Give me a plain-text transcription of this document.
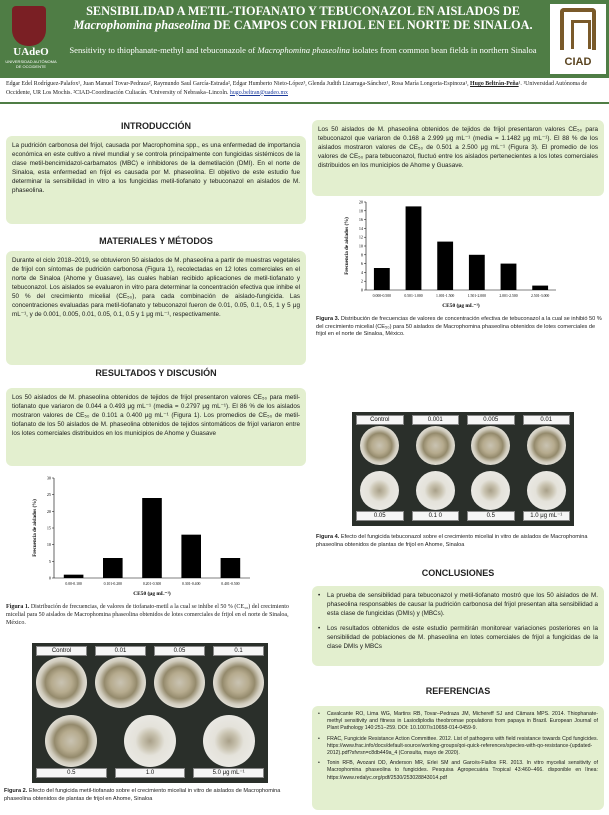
UAdeO
UNIVERSIDAD AUTÓNOMA DE OCCIDENTE
SENSIBILIDAD A METIL-TIOFANATO Y TEBUCONAZOL EN AISLADOS DE
Macrophomina phaseolina DE CAMPOS CON FRIJOL EN EL NORTE DE SINALOA.
Sensitivity to thiophanate-methyl and tebuconazole of Macrophomina phaseolina isolates from common bean fields in northern Sinaloa
CIAD
Edgar Edel Rodríguez-Palafox¹, Juan Manuel Tovar-Pedraza², Raymundo Saul García-Estrada², Edgar Humberto Nieto-López³, Glenda Judith Lizarraga-Sánchez¹, Rosa María Longoria-Espinoza¹, Hugo Beltrán-Peña¹. ¹Universidad Autónoma de Occidente, UR Los Mochis. ²CIAD-Coordinación Culiacán. ³University of Nebraska–Lincoln. hugo.beltran@uadeo.mx
INTRODUCCIÓN
La pudrición carbonosa del frijol, causada por Macrophomina spp., es una enfermedad de importancia económica en este cultivo a nivel mundial y se controla principalmente con fungicidas sistémicos de la clase metil-bencimidazol-carbamatos (MBC) e inhibidores de la demetilación (DMI). En el norte de Sinaloa, esta enfermedad en frijol es causada por M. phaseolina. El objetivo de este estudio fue determinar la sensibilidad in vitro a los fungicidas metil-tiofanato y tebuconazol en aislados de M. phaseolina.
MATERIALES Y MÉTODOS
Durante el ciclo 2018–2019, se obtuvieron 50 aislados de M. phaseolina a partir de muestras vegetales de frijol con síntomas de pudrición carbonosa (Figura 1), recolectadas en 12 lotes comerciales en el norte de Sinaloa (Ahome y Guasave), las cuales habían recibido aplicaciones de metil-tiofanato y tebuconazol. Los aislados se evaluaron in vitro para determinar la concentración efectiva que inhibe el 50 % del crecimiento micelial (CE₅₀), para cada combinación de aislado-fungicida. Las concentraciones evaluadas para metil-tiofanato y tebuconazol fueron de 0.01, 0.05, 0.1, 0.5, 1 y 5 μg mL⁻¹, y de 0.001, 0.005, 0.01, 0.05, 0.1, 0.5 y 1 μg mL⁻¹, respectivamente.
RESULTADOS Y DISCUSIÓN
Los 50 aislados de M. phaseolina obtenidos de tejidos de frijol presentaron valores CE₅₀ para metil-tiofanato que variaron de 0.044 a 0.493 μg mL⁻¹ (media = 0.2797 μg mL⁻¹). El 86 % de los aislados mostraron valores de CE₅₀ de 0.101 a 0.400 μg mL⁻¹ (Figura 1). Los promedios de CE₅₀ de metil-tiofanato de los 50 aislados de M. phaseolina obtenidos de tejidos sintomáticos de frijol variaron entre los lotes comerciales distribuidos en los municipios de Ahome y Guasave
0
5
10
15
20
25
30
0.00-0.100	0.101-0.200	0.201-0.300	0.301-0.400	0.401-0.500
CE50 (μg mL⁻¹)
Frecuencia de aislados (%)
Figura 1. Distribución de frecuencias, de valores de tiofanato-metil a la cual se inhibe el 50 % (CE₅₀) del crecimiento micelial para 50 aislados de Macrophomina phaseolina obtenidos de lotes comerciales de frijol en el norte de Sinaloa, México.
Control	0.01	0.05	0.1
0.5	1.0	5.0 μg mL⁻¹
Figura 2. Efecto del fungicida metil-tiofanato sobre el crecimiento micelial in vitro de aislados de Macrophomina phaseolina obtenidos de plantas de frijol en Ahome, Sinaloa
Los 50 aislados de M. phaseolina obtenidos de tejidos de frijol presentaron valores CE₅₀ para tebuconazol que variaron de 0.168 a 2.999 μg mL⁻¹ (media = 1.1482 μg mL⁻¹). El 88 % de los aislados mostraron valores de CE₅₀ de 0.501 a 2.500 μg mL⁻¹ (Figura 3). El promedio de los valores de CE₅₀ para tebuconazol, fluctuó entre los aislados pertenecientes a los lotes comerciales distribuidos en los municipios de Ahome y Guasave.
0
2
4
6
8
10
12
14
16
18
20
0.000-0.500	0.501-1.000	1.001-1.500	1.501-2.000	2.001-2.500	2.501-3.000
CE50 (μg mL⁻¹)
Frecuencia de aislados (%)
Figura 3. Distribución de frecuencias de valores de concentración efectiva de tebuconazol a la cual se inhibió 50 % del crecimiento micelial (CE₅₀) para 50 aislados de Macrophomina phaseolina obtenidos de lotes comerciales de frijol en el norte de Sinaloa, México.
Control	0.001	0.005	0.01
0.05	0.1 0	0.5	1.0 μg mL⁻¹
Figura 4. Efecto del fungicida tebuconazol sobre el crecimiento micelial in vitro de aislados de Macrophomina phaseolina obtenidos de plantas de frijol en Ahome, Sinaloa
CONCLUSIONES
• La prueba de sensibilidad para tebuconazol y metil-tiofanato mostró que los 50 aislados de M. phaseolina responsables de causar la pudrición carbonosa del frijol presentan alta sensibilidad a esta clase de fungicidas (DMIs) y (MBCs).
• Los resultados obtenidos de este estudio permitirán monitorear variaciones posteriores en la sensibilidad de poblaciones de M. phaseolina en lotes comerciales de frijol a fungicidas de la clase DMIs y MBCs
REFERENCIAS
• Cavalcante RO, Lima WG, Martins RB, Tovar–Pedraza JM, Michereff SJ and Câmara MPS. 2014. Thiophanate-methyl sensitivity and fitness in Lasiodiplodia theobromae populations from papaya in Brazil. European Journal of Plant Pathology 140:251–259. DOI: 10.1007/s10658-014-0459-9.
• FRAC, Fungicide Resistance Action Committee. 2012. List of pathogens with field resistance towards Cpd fungicides. https://www.frac.info/docs/default-source/working-groups/qoi-quick-references/species-with-qo-resistance-(updated-2012).pdf?sfvrsn=c8db449a_4 (Consulta, mayo de 2020).
• Tonin RFB, Avozani DD, Anderson MR, Erlei SM and Garcés-Fiallos FR. 2013. In vitro mycelial sensitivity of Macrophomina phaseolina to fungicides. Pesquisa Agropecuária Tropical 43:460–466. disponible en línea: https://www.redalyc.org/pdf/2530/253028843014.pdf
